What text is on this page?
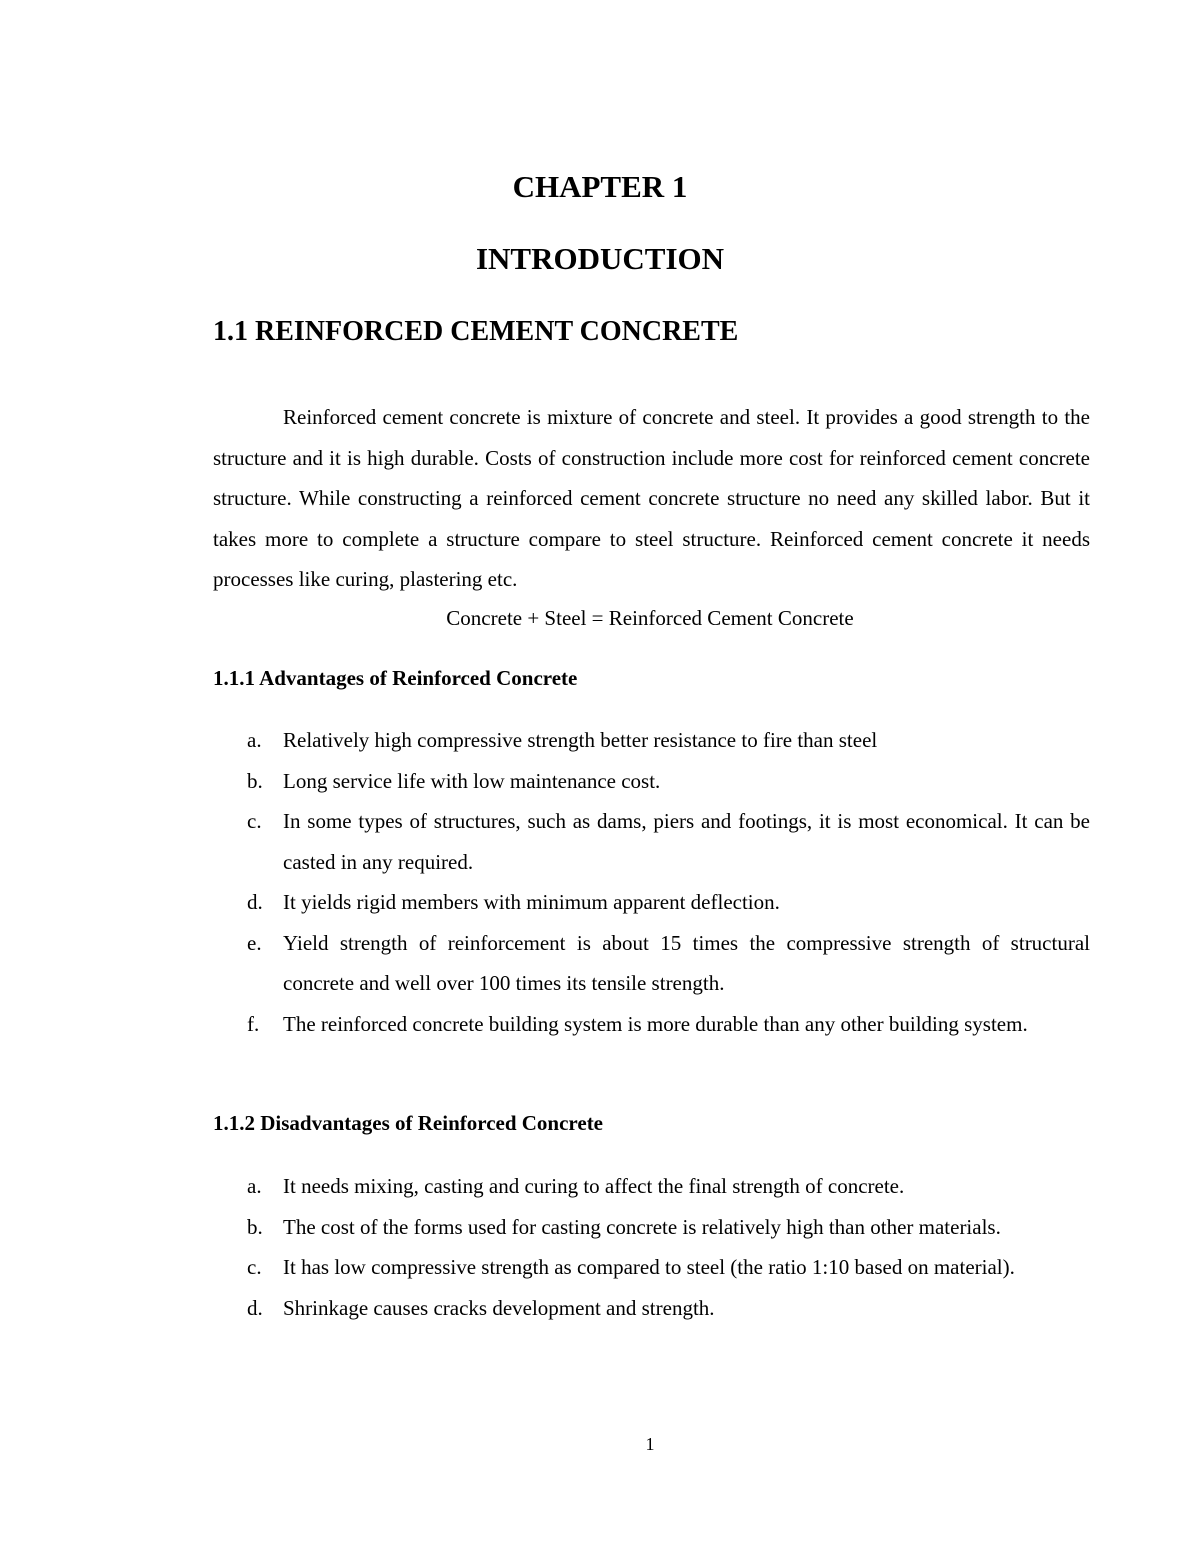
CHAPTER 1
INTRODUCTION
1.1 REINFORCED CEMENT CONCRETE

Reinforced cement concrete is mixture of concrete and steel. It provides a good strength to the structure and it is high durable. Costs of construction include more cost for reinforced cement concrete structure. While constructing a reinforced cement concrete structure no need any skilled labor. But it takes more to complete a structure compare to steel structure. Reinforced cement concrete it needs processes like curing, plastering etc.

Concrete + Steel = Reinforced Cement Concrete
1.1.1 Advantages of Reinforced Concrete
a. Relatively high compressive strength better resistance to fire than steel
b. Long service life with low maintenance cost.
c. In some types of structures, such as dams, piers and footings, it is most economical. It can be casted in any required.
d. It yields rigid members with minimum apparent deflection.
e. Yield strength of reinforcement is about 15 times the compressive strength of structural concrete and well over 100 times its tensile strength.
f. The reinforced concrete building system is more durable than any other building system.
1.1.2 Disadvantages of Reinforced Concrete
a. It needs mixing, casting and curing to affect the final strength of concrete.
b. The cost of the forms used for casting concrete is relatively high than other materials.
c. It has low compressive strength as compared to steel (the ratio 1:10 based on material).
d. Shrinkage causes cracks development and strength.
1
